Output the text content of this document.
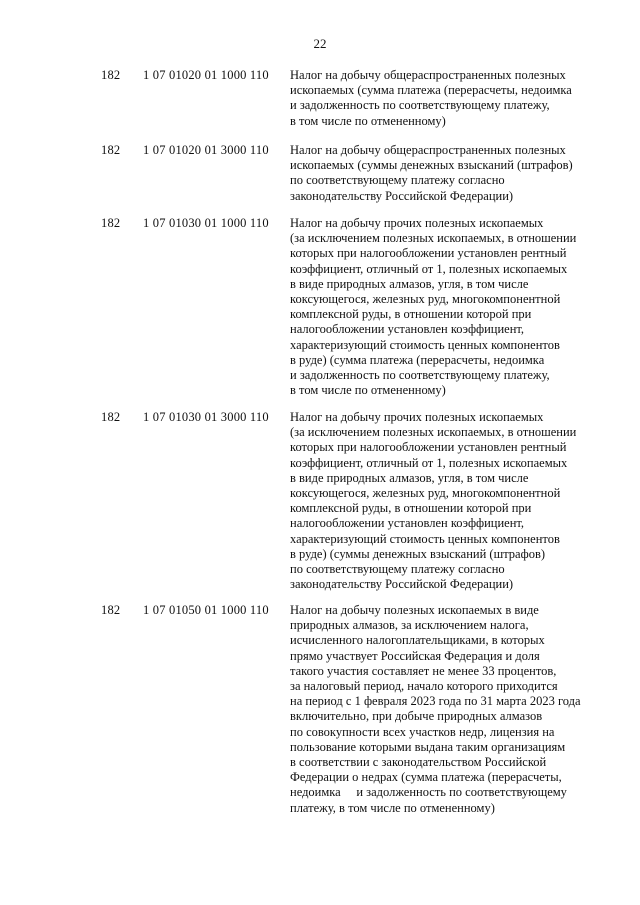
22
182 1 07 01020 01 1000 110 Налог на добычу общераспространенных полезных
ископаемых (сумма платежа (перерасчеты, недоимка
и задолженность по соответствующему платежу,
в том числе по отмененному)
182 1 07 01020 01 3000 110 Налог на добычу общераспространенных полезных
ископаемых (суммы денежных взысканий (штрафов)
по соответствующему платежу согласно
законодательству Российской Федерации)
182 1 07 01030 01 1000 110 Налог на добычу прочих полезных ископаемых
(за исключением полезных ископаемых, в отношении
которых при налогообложении установлен рентный
коэффициент, отличный от 1, полезных ископаемых
в виде природных алмазов, угля, в том числе
коксующегося, железных руд, многокомпонентной
комплексной руды, в отношении которой при
налогообложении установлен коэффициент,
характеризующий стоимость ценных компонентов
в руде) (сумма платежа (перерасчеты, недоимка
и задолженность по соответствующему платежу,
в том числе по отмененному)
182 1 07 01030 01 3000 110 Налог на добычу прочих полезных ископаемых
(за исключением полезных ископаемых, в отношении
которых при налогообложении установлен рентный
коэффициент, отличный от 1, полезных ископаемых
в виде природных алмазов, угля, в том числе
коксующегося, железных руд, многокомпонентной
комплексной руды, в отношении которой при
налогообложении установлен коэффициент,
характеризующий стоимость ценных компонентов
в руде) (суммы денежных взысканий (штрафов)
по соответствующему платежу согласно
законодательству Российской Федерации)
182 1 07 01050 01 1000 110 Налог на добычу полезных ископаемых в виде
природных алмазов, за исключением налога,
исчисленного налогоплательщиками, в которых
прямо участвует Российская Федерация и доля
такого участия составляет не менее 33 процентов,
за налоговый период, начало которого приходится
на период с 1 февраля 2023 года по 31 марта 2023 года
включительно, при добыче природных алмазов
по совокупности всех участков недр, лицензия на
пользование которыми выдана таким организациям
в соответствии с законодательством Российской
Федерации о недрах (сумма платежа (перерасчеты,
недоимка     и задолженность по соответствующему
платежу, в том числе по отмененному)
